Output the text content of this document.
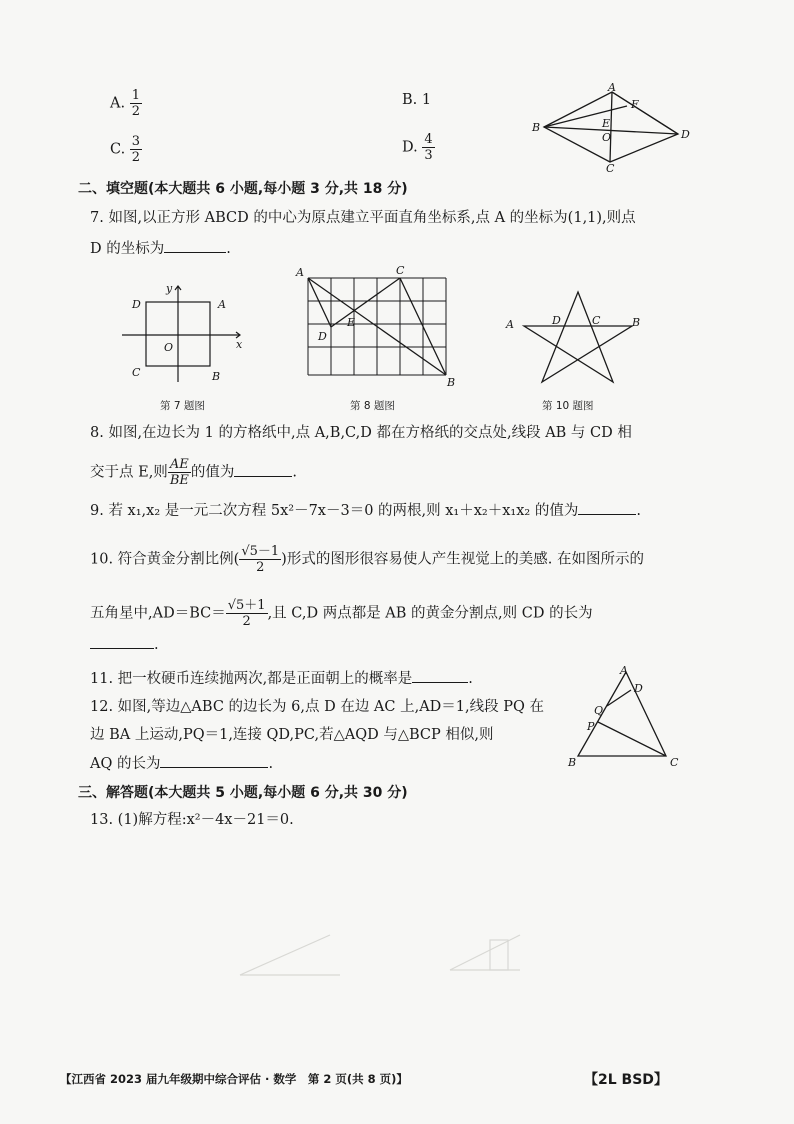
A. $\frac{1}{2}$	B. 1
C. $\frac{3}{2}$	D. $\frac{4}{3}$
A
B
C
D
E
F
O
二、填空题(本大题共 6 小题,每小题 3 分,共 18 分)
7. 如图,以正方形 ABCD 的中心为原点建立平面直角坐标系,点 A 的坐标为(1,1),则点
D 的坐标为	.
D	A
C	B
O	x
y
第 7 题图
A	C
D
E
B
第 8 题图
A	B
C
D
第 10 题图
8. 如图,在边长为 1 的方格纸中,点 A,B,C,D 都在方格纸的交点处,线段 AB 与 CD 相
交于点 E,则 $\frac{AE}{BE}$ 的值为	.
9. 若 x₁,x₂ 是一元二次方程 5x²－7x－3＝0 的两根,则 x₁＋x₂＋x₁x₂ 的值为	.
10. 符合黄金分割比例( $\frac{√5-1}{2}$ )形式的图形很容易使人产生视觉上的美感. 在如图所示的
五角星中$,AD=BC= \frac{√5+1}{2}$ ,且 C,D 两点都是 AB 的黄金分割点,则 CD 的长为
.
11. 把一枚硬币连续抛两次,都是正面朝上的概率是	.
12. 如图,等边△ABC 的边长为 6,点 D 在边 AC 上,AD＝1,线段 PQ 在
边 BA 上运动,PQ＝1,连接 QD,PC,若△AQD 与△BCP 相似,则
AQ 的长为	.
A
D
Q
P
B	C
三、解答题(本大题共 5 小题,每小题 6 分,共 30 分)
13. (1)解方程:x²－4x－21＝0.
【江西省 2023 届九年级期中综合评估 · 数学　第 2 页(共 8 页)】	【2L BSD】
